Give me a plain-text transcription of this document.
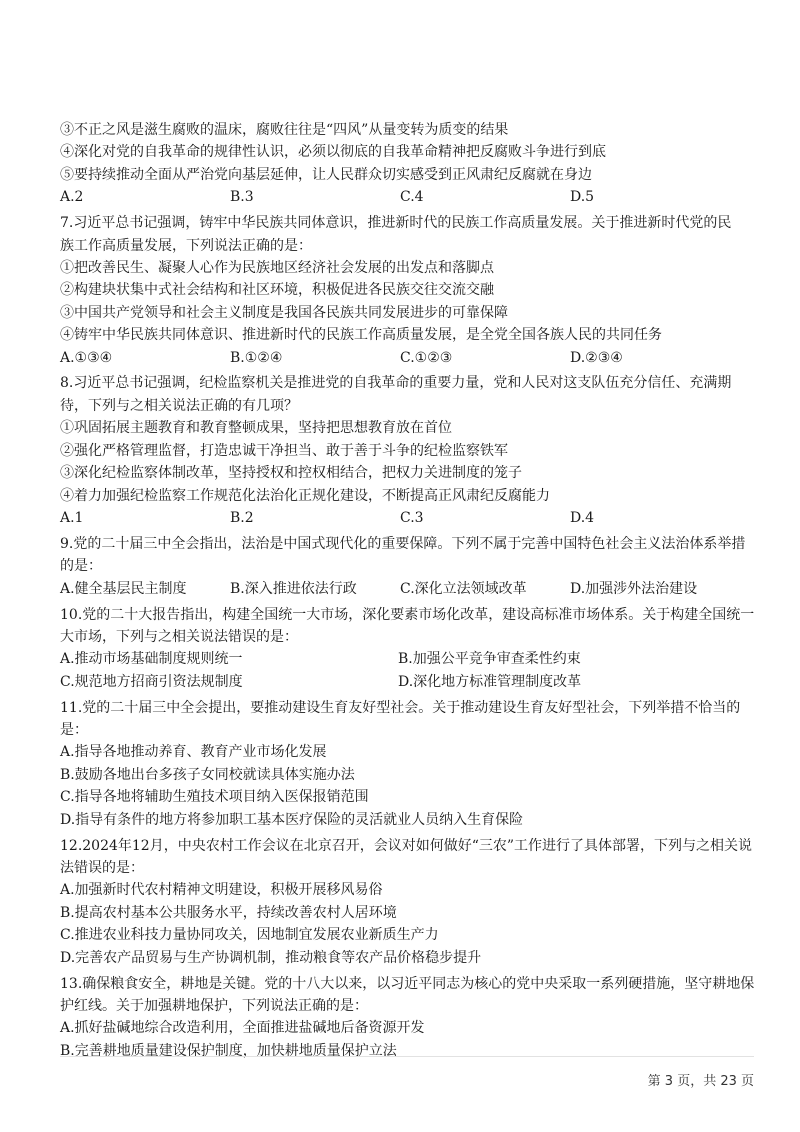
③不正之风是滋生腐败的温床，腐败往往是“四风”从量变转为质变的结果
④深化对党的自我革命的规律性认识，必须以彻底的自我革命精神把反腐败斗争进行到底
⑤要持续推动全面从严治党向基层延伸，让人民群众切实感受到正风肃纪反腐就在身边
A.2	B.3	C.4	D.5
7.习近平总书记强调，铸牢中华民族共同体意识，推进新时代的民族工作高质量发展。关于推进新时代党的民
族工作高质量发展，下列说法正确的是：
①把改善民生、凝聚人心作为民族地区经济社会发展的出发点和落脚点
②构建块状集中式社会结构和社区环境，积极促进各民族交往交流交融
③中国共产党领导和社会主义制度是我国各民族共同发展进步的可靠保障
④铸牢中华民族共同体意识、推进新时代的民族工作高质量发展，是全党全国各族人民的共同任务
A.①③④	B.①②④	C.①②③	D.②③④
8.习近平总书记强调，纪检监察机关是推进党的自我革命的重要力量，党和人民对这支队伍充分信任、充满期
待，下列与之相关说法正确的有几项？
①巩固拓展主题教育和教育整顿成果，坚持把思想教育放在首位
②强化严格管理监督，打造忠诚干净担当、敢于善于斗争的纪检监察铁军
③深化纪检监察体制改革，坚持授权和控权相结合，把权力关进制度的笼子
④着力加强纪检监察工作规范化法治化正规化建设，不断提高正风肃纪反腐能力
A.1	B.2	C.3	D.4
9.党的二十届三中全会指出，法治是中国式现代化的重要保障。下列不属于完善中国特色社会主义法治体系举措
的是：
A.健全基层民主制度	B.深入推进依法行政	C.深化立法领域改革	D.加强涉外法治建设
10.党的二十大报告指出，构建全国统一大市场，深化要素市场化改革，建设高标准市场体系。关于构建全国统一
大市场，下列与之相关说法错误的是：
A.推动市场基础制度规则统一	B.加强公平竞争审查柔性约束
C.规范地方招商引资法规制度	D.深化地方标准管理制度改革
11.党的二十届三中全会提出，要推动建设生育友好型社会。关于推动建设生育友好型社会，下列举措不恰当的
是：
A.指导各地推动养育、教育产业市场化发展
B.鼓励各地出台多孩子女同校就读具体实施办法
C.指导各地将辅助生殖技术项目纳入医保报销范围
D.指导有条件的地方将参加职工基本医疗保险的灵活就业人员纳入生育保险
12.2024年12月，中央农村工作会议在北京召开，会议对如何做好“三农”工作进行了具体部署，下列与之相关说
法错误的是：
A.加强新时代农村精神文明建设，积极开展移风易俗
B.提高农村基本公共服务水平，持续改善农村人居环境
C.推进农业科技力量协同攻关，因地制宜发展农业新质生产力
D.完善农产品贸易与生产协调机制，推动粮食等农产品价格稳步提升
13.确保粮食安全，耕地是关键。党的十八大以来，以习近平同志为核心的党中央采取一系列硬措施，坚守耕地保
护红线。关于加强耕地保护，下列说法正确的是：
A.抓好盐碱地综合改造利用，全面推进盐碱地后备资源开发
B.完善耕地质量建设保护制度，加快耕地质量保护立法
第 3 页，共 23 页
